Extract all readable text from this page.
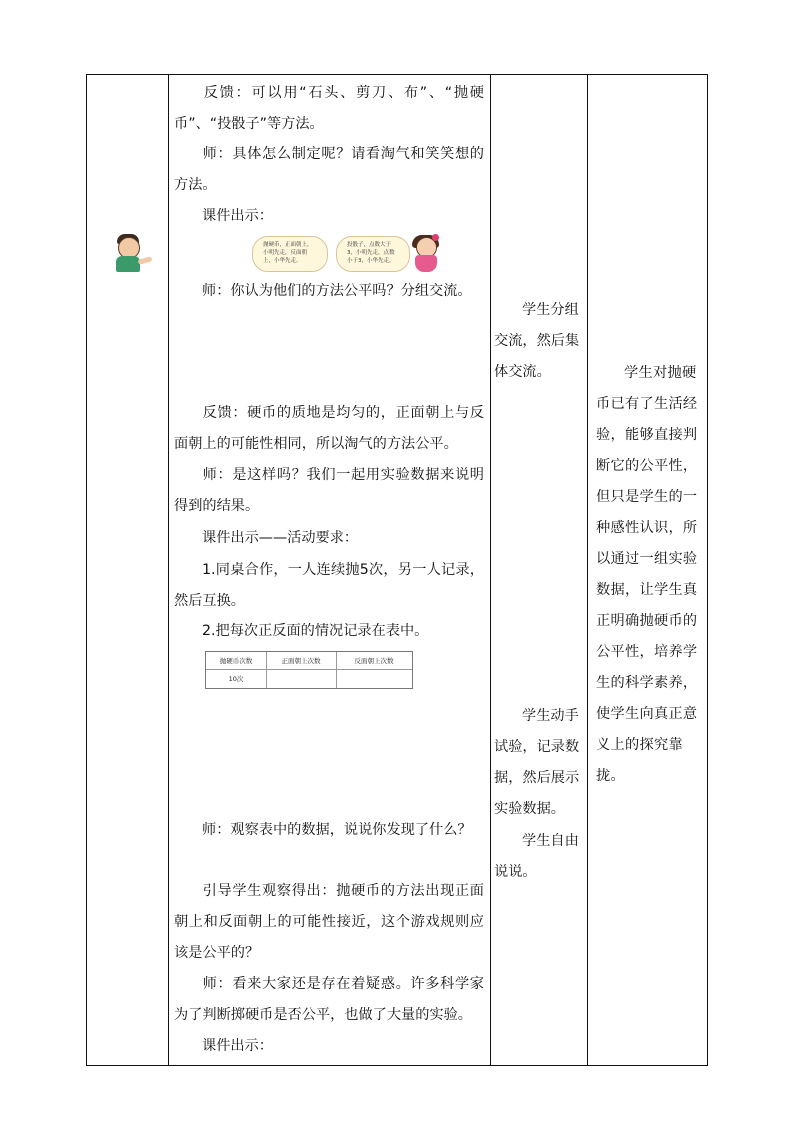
反馈：可以用“石头、剪刀、布”、“抛硬币”、“投骰子”等方法。
师：具体怎么制定呢？请看淘气和笑笑想的方法。
课件出示：
师：你认为他们的方法公平吗？分组交流。
反馈：硬币的质地是均匀的，正面朝上与反面朝上的可能性相同，所以淘气的方法公平。
师：是这样吗？我们一起用实验数据来说明得到的结果。
课件出示——活动要求：
1.同桌合作，一人连续抛5次，另一人记录，然后互换。
2.把每次正反面的情况记录在表中。
师：观察表中的数据，说说你发现了什么？
引导学生观察得出：抛硬币的方法出现正面朝上和反面朝上的可能性接近，这个游戏规则应该是公平的？
师：看来大家还是存在着疑惑。许多科学家为了判断掷硬币是否公平，也做了大量的实验。
课件出示：
抛硬币，正面朝上，小明先走，反面朝上，小华先走。
投骰子，点数大于3，小明先走，点数小于3，小华先走。
抛硬币次数	正面朝上次数	反面朝上次数
10次
学生分组交流，然后集体交流。
学生动手试验，记录数据，然后展示实验数据。
学生自由说说。
学生对抛硬币已有了生活经验，能够直接判断它的公平性，但只是学生的一种感性认识，所以通过一组实验数据，让学生真正明确抛硬币的公平性，培养学生的科学素养，使学生向真正意义上的探究靠拢。
